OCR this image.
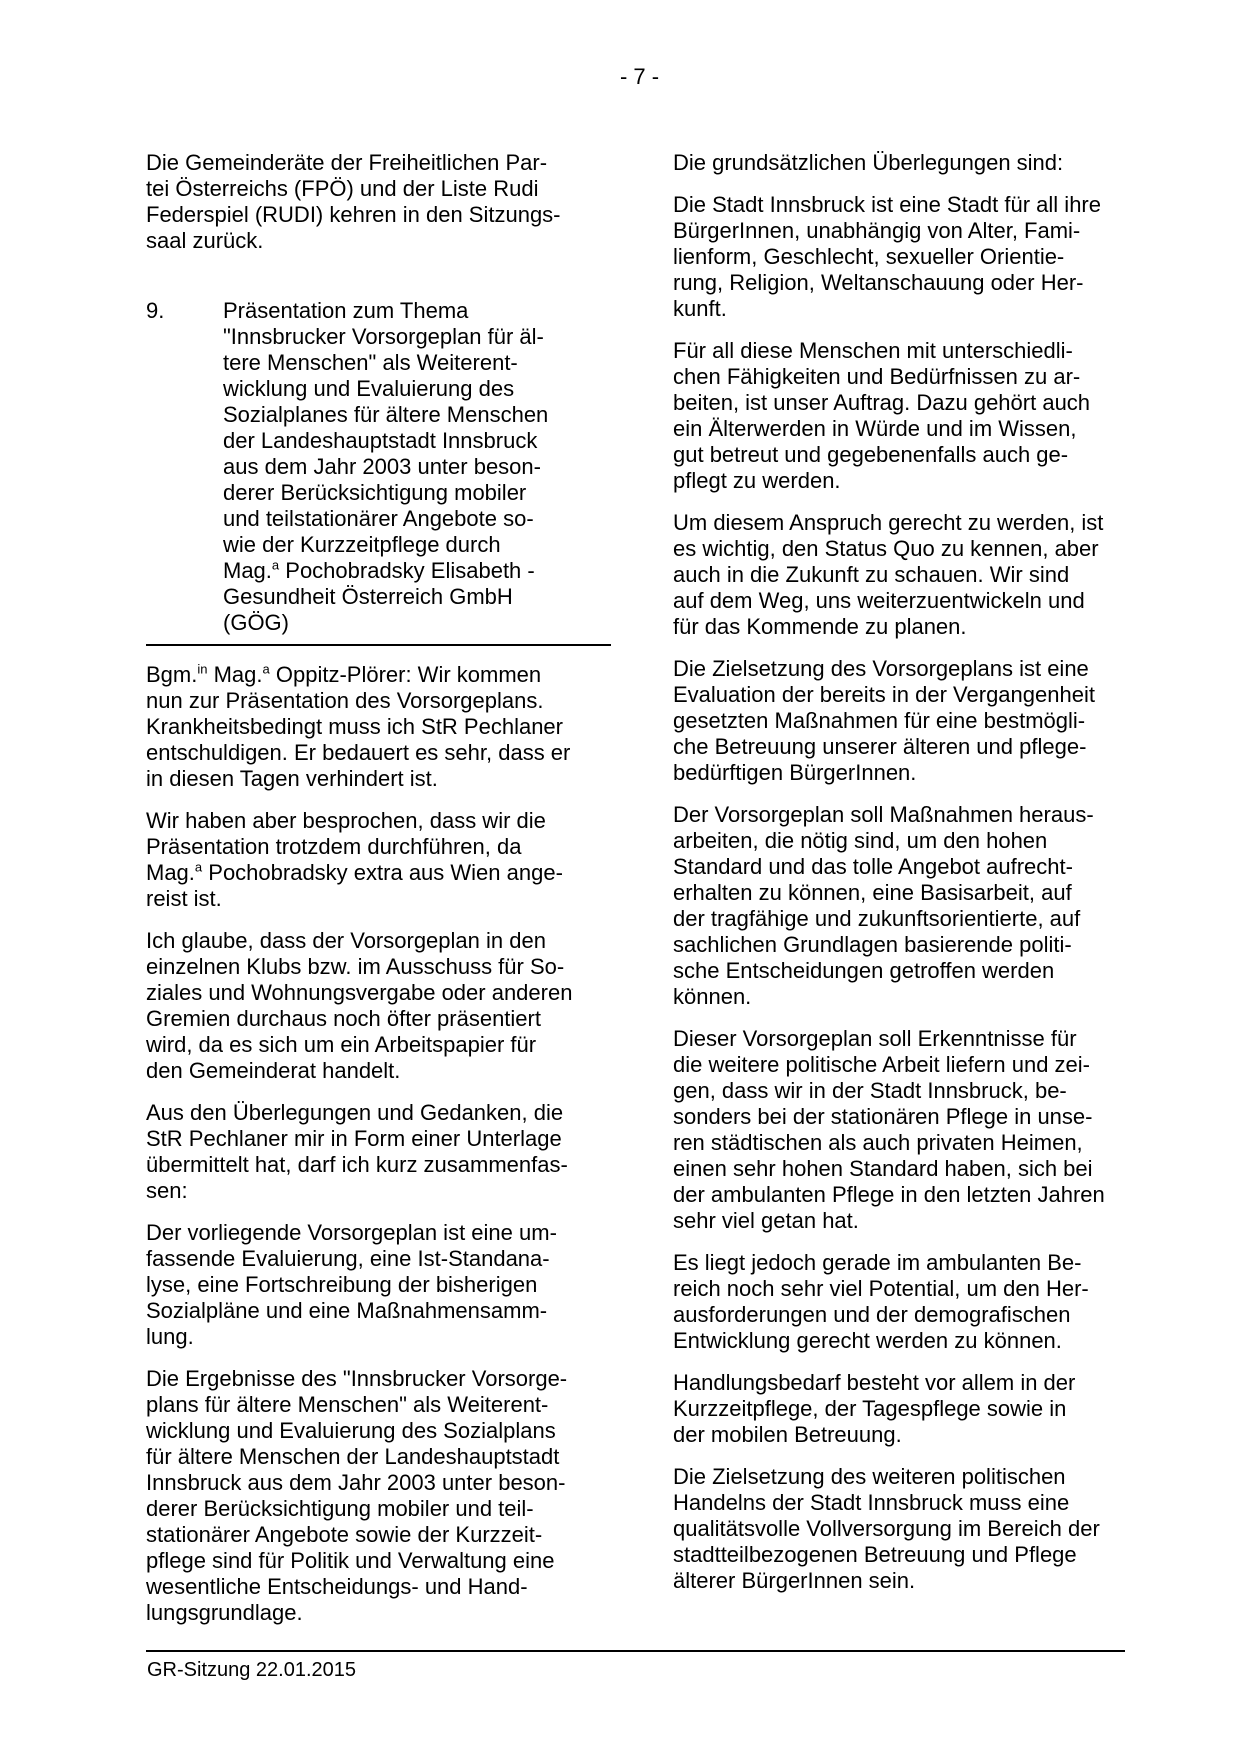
- 7 -

Die Gemeinderäte der Freiheitlichen Par-
tei Österreichs (FPÖ) und der Liste Rudi
Federspiel (RUDI) kehren in den Sitzungs-
saal zurück.

9.	Präsentation zum Thema
"Innsbrucker Vorsorgeplan für äl-
tere Menschen" als Weiterent-
wicklung und Evaluierung des
Sozialplanes für ältere Menschen
der Landeshauptstadt Innsbruck
aus dem Jahr 2003 unter beson-
derer Berücksichtigung mobiler
und teilstationärer Angebote so-
wie der Kurzzeitpflege durch
Mag.$^a$ Pochobradsky Elisabeth -
Gesundheit Österreich GmbH
(GÖG)

Bgm.$^{in}$ Mag.$^a$ Oppitz-Plörer: Wir kommen
nun zur Präsentation des Vorsorgeplans.
Krankheitsbedingt muss ich StR Pechlaner
entschuldigen. Er bedauert es sehr, dass er
in diesen Tagen verhindert ist.

Wir haben aber besprochen, dass wir die
Präsentation trotzdem durchführen, da
Mag.$^a$ Pochobradsky extra aus Wien ange-
reist ist.

Ich glaube, dass der Vorsorgeplan in den
einzelnen Klubs bzw. im Ausschuss für So-
ziales und Wohnungsvergabe oder anderen
Gremien durchaus noch öfter präsentiert
wird, da es sich um ein Arbeitspapier für
den Gemeinderat handelt.

Aus den Überlegungen und Gedanken, die
StR Pechlaner mir in Form einer Unterlage
übermittelt hat, darf ich kurz zusammenfas-
sen:

Der vorliegende Vorsorgeplan ist eine um-
fassende Evaluierung, eine Ist-Standana-
lyse, eine Fortschreibung der bisherigen
Sozialpläne und eine Maßnahmensamm-
lung.

Die Ergebnisse des "Innsbrucker Vorsorge-
plans für ältere Menschen" als Weiterent-
wicklung und Evaluierung des Sozialplans
für ältere Menschen der Landeshauptstadt
Innsbruck aus dem Jahr 2003 unter beson-
derer Berücksichtigung mobiler und teil-
stationärer Angebote sowie der Kurzzeit-
pflege sind für Politik und Verwaltung eine
wesentliche Entscheidungs- und Hand-
lungsgrundlage.

Die grundsätzlichen Überlegungen sind:

Die Stadt Innsbruck ist eine Stadt für all ihre
BürgerInnen, unabhängig von Alter, Fami-
lienform, Geschlecht, sexueller Orientie-
rung, Religion, Weltanschauung oder Her-
kunft.

Für all diese Menschen mit unterschiedli-
chen Fähigkeiten und Bedürfnissen zu ar-
beiten, ist unser Auftrag. Dazu gehört auch
ein Älterwerden in Würde und im Wissen,
gut betreut und gegebenenfalls auch ge-
pflegt zu werden.

Um diesem Anspruch gerecht zu werden, ist
es wichtig, den Status Quo zu kennen, aber
auch in die Zukunft zu schauen. Wir sind
auf dem Weg, uns weiterzuentwickeln und
für das Kommende zu planen.

Die Zielsetzung des Vorsorgeplans ist eine
Evaluation der bereits in der Vergangenheit
gesetzten Maßnahmen für eine bestmögli-
che Betreuung unserer älteren und pflege-
bedürftigen BürgerInnen.

Der Vorsorgeplan soll Maßnahmen heraus-
arbeiten, die nötig sind, um den hohen
Standard und das tolle Angebot aufrecht-
erhalten zu können, eine Basisarbeit, auf
der tragfähige und zukunftsorientierte, auf
sachlichen Grundlagen basierende politi-
sche Entscheidungen getroffen werden
können.

Dieser Vorsorgeplan soll Erkenntnisse für
die weitere politische Arbeit liefern und zei-
gen, dass wir in der Stadt Innsbruck, be-
sonders bei der stationären Pflege in unse-
ren städtischen als auch privaten Heimen,
einen sehr hohen Standard haben, sich bei
der ambulanten Pflege in den letzten Jahren
sehr viel getan hat.

Es liegt jedoch gerade im ambulanten Be-
reich noch sehr viel Potential, um den Her-
ausforderungen und der demografischen
Entwicklung gerecht werden zu können.

Handlungsbedarf besteht vor allem in der
Kurzzeitpflege, der Tagespflege sowie in
der mobilen Betreuung.

Die Zielsetzung des weiteren politischen
Handelns der Stadt Innsbruck muss eine
qualitätsvolle Vollversorgung im Bereich der
stadtteilbezogenen Betreuung und Pflege
älterer BürgerInnen sein.

GR-Sitzung 22.01.2015
